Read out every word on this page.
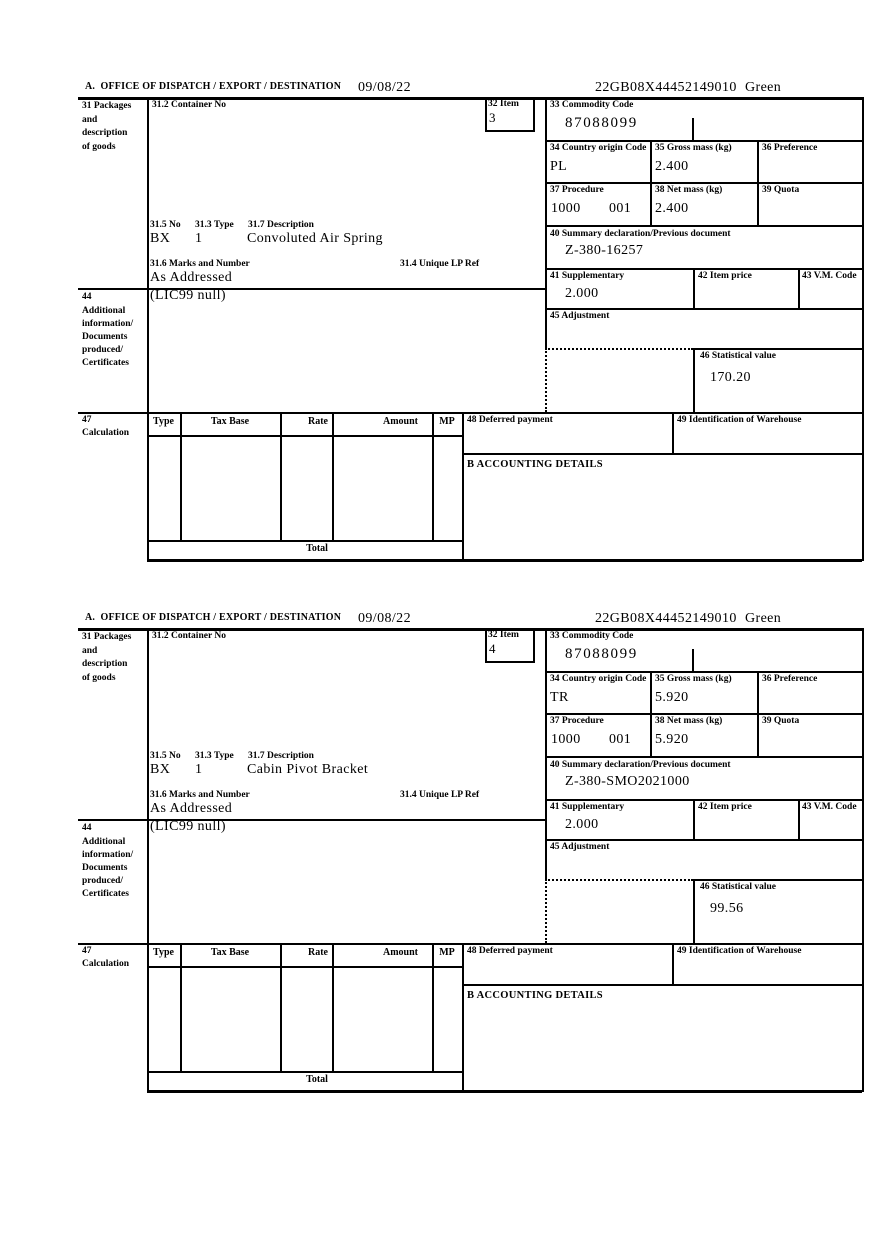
A.  OFFICE OF DISPATCH / EXPORT / DESTINATION 09/08/22	22GB08X44452149010 Green
31 Packages
and
description
of goods
31.2 Container No	32 Item
3
33 Commodity Code
87088099
34 Country origin Code
PL
35 Gross mass (kg)
2.400
36 Preference
37 Procedure
1000 001
38 Net mass (kg)
2.400
39 Quota
31.5 No 31.3 Type 31.7 Description
BX 1	Convoluted Air Spring	40 Summary declaration/Previous document
Z-380-16257
31.6 Marks and Number	31.4 Unique LP Ref
As Addressed	41 Supplementary
2.000
42 Item price	43 V.M. Code
44
Additional
information/
Documents
produced/
Certificates
(LIC99 null)
45 Adjustment
46 Statistical value
170.20
47
Calculation
Type	Tax Base	Rate	Amount	MP
Total
48 Deferred payment	49 Identification of Warehouse
B ACCOUNTING DETAILS
A.  OFFICE OF DISPATCH / EXPORT / DESTINATION 09/08/22	22GB08X44452149010 Green
31 Packages
and
description
of goods
31.2 Container No	32 Item
4
33 Commodity Code
87088099
34 Country origin Code
TR
35 Gross mass (kg)
5.920
36 Preference
37 Procedure
1000 001
38 Net mass (kg)
5.920
39 Quota
31.5 No 31.3 Type 31.7 Description
BX 1	Cabin Pivot Bracket	40 Summary declaration/Previous document
Z-380-SMO2021000
31.6 Marks and Number	31.4 Unique LP Ref
As Addressed	41 Supplementary
2.000
42 Item price	43 V.M. Code
44
Additional
information/
Documents
produced/
Certificates
(LIC99 null)
45 Adjustment
46 Statistical value
99.56
47
Calculation
Type	Tax Base	Rate	Amount	MP
Total
48 Deferred payment	49 Identification of Warehouse
B ACCOUNTING DETAILS
